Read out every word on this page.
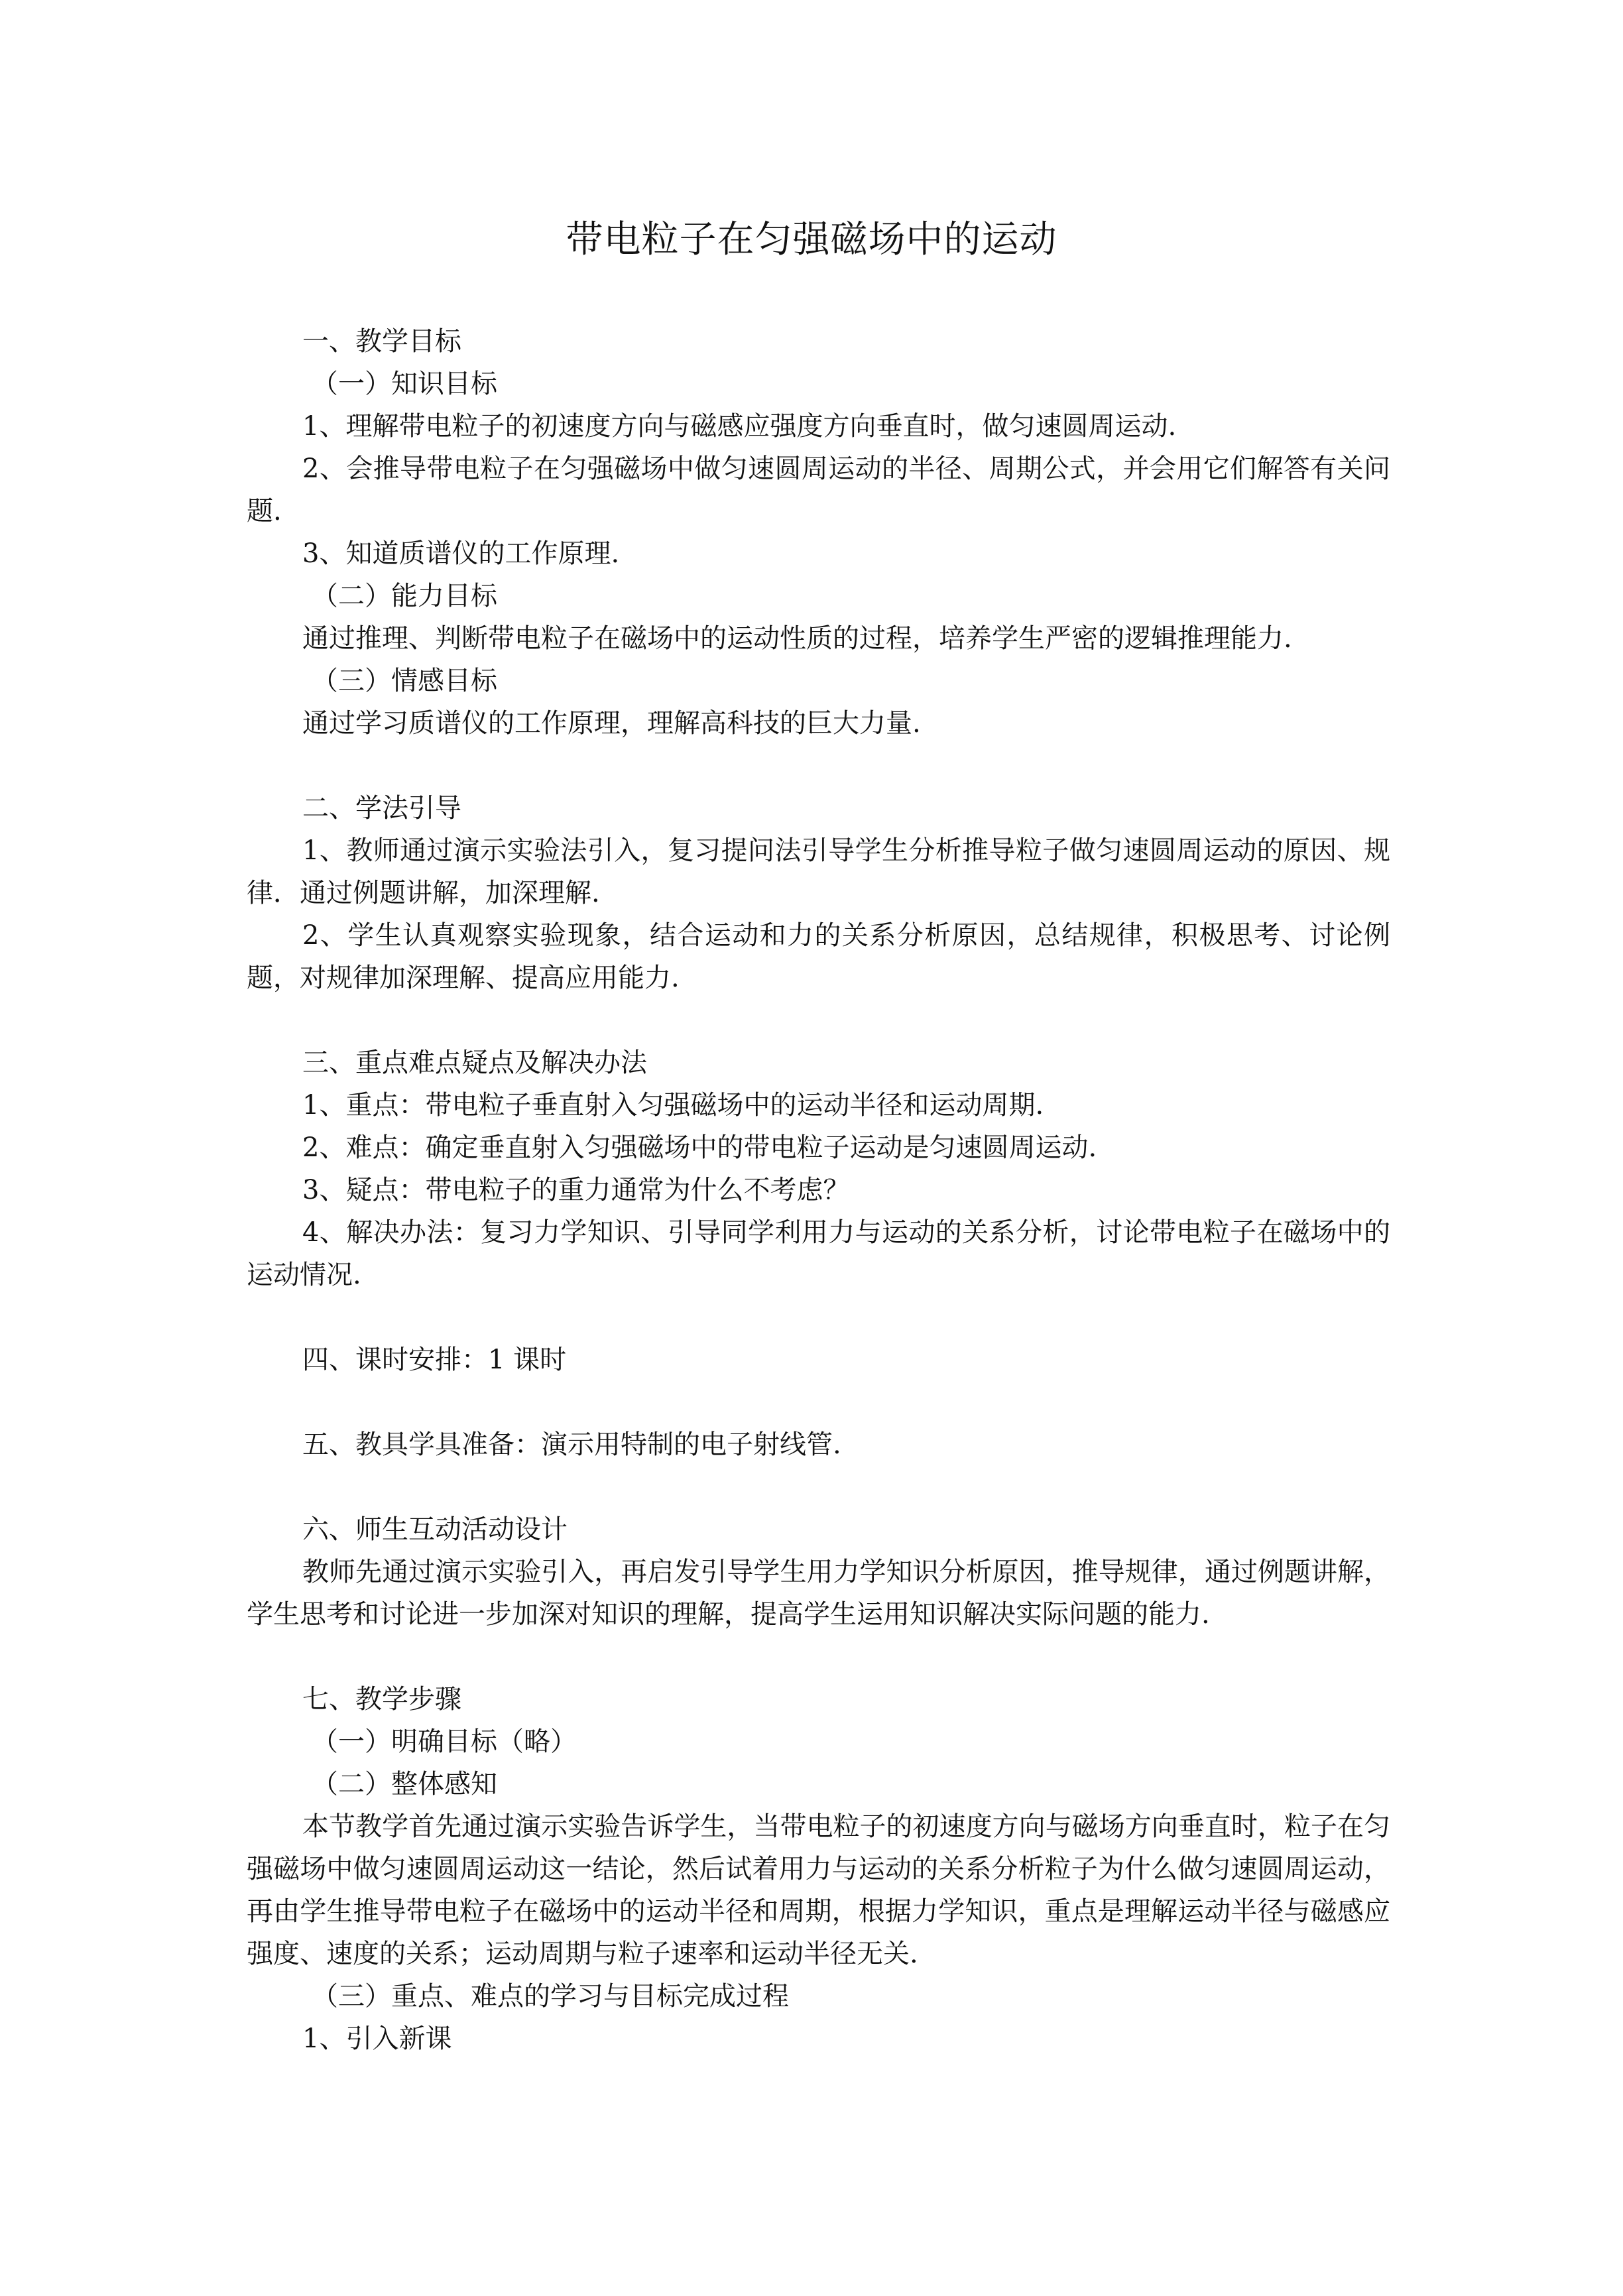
带电粒子在匀强磁场中的运动

一、教学目标

（一）知识目标

1、理解带电粒子的初速度方向与磁感应强度方向垂直时，做匀速圆周运动.

2、会推导带电粒子在匀强磁场中做匀速圆周运动的半径、周期公式，并会用它们解答有关问题.

3、知道质谱仪的工作原理.

（二）能力目标

通过推理、判断带电粒子在磁场中的运动性质的过程，培养学生严密的逻辑推理能力.

（三）情感目标

通过学习质谱仪的工作原理，理解高科技的巨大力量.

二、学法引导

1、教师通过演示实验法引入，复习提问法引导学生分析推导粒子做匀速圆周运动的原因、规律．通过例题讲解，加深理解.

2、学生认真观察实验现象，结合运动和力的关系分析原因，总结规律，积极思考、讨论例题，对规律加深理解、提高应用能力.

三、重点难点疑点及解决办法

1、重点：带电粒子垂直射入匀强磁场中的运动半径和运动周期.

2、难点：确定垂直射入匀强磁场中的带电粒子运动是匀速圆周运动.

3、疑点：带电粒子的重力通常为什么不考虑？

4、解决办法：复习力学知识、引导同学利用力与运动的关系分析，讨论带电粒子在磁场中的运动情况.

四、课时安排：1 课时

五、教具学具准备：演示用特制的电子射线管.

六、师生互动活动设计

教师先通过演示实验引入，再启发引导学生用力学知识分析原因，推导规律，通过例题讲解，学生思考和讨论进一步加深对知识的理解，提高学生运用知识解决实际问题的能力.

七、教学步骤

（一）明确目标（略）

（二）整体感知

本节教学首先通过演示实验告诉学生，当带电粒子的初速度方向与磁场方向垂直时，粒子在匀强磁场中做匀速圆周运动这一结论，然后试着用力与运动的关系分析粒子为什么做匀速圆周运动，再由学生推导带电粒子在磁场中的运动半径和周期，根据力学知识，重点是理解运动半径与磁感应强度、速度的关系；运动周期与粒子速率和运动半径无关.

（三）重点、难点的学习与目标完成过程

1、引入新课
